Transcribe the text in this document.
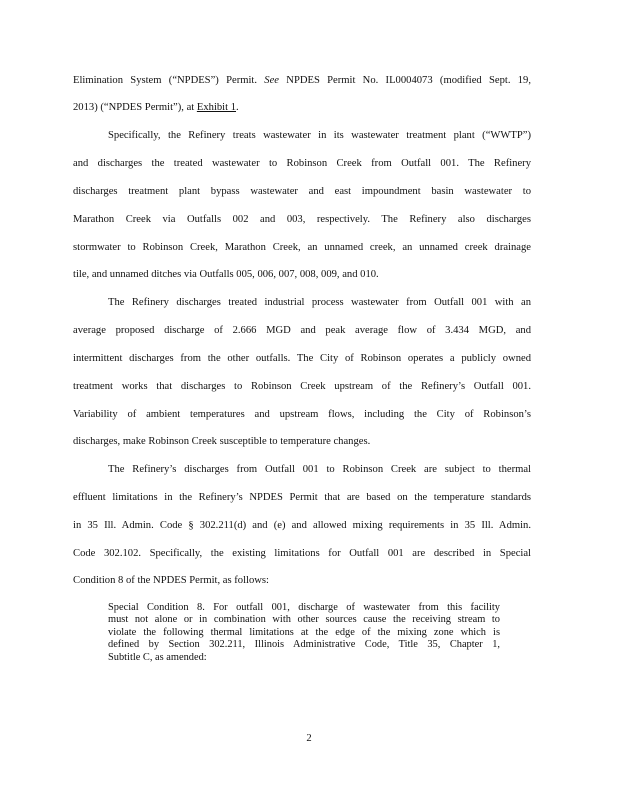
Elimination System (“NPDES”) Permit. See NPDES Permit No. IL0004073 (modified Sept. 19,
2013) (“NPDES Permit”), at Exhibit 1.
Specifically, the Refinery treats wastewater in its wastewater treatment plant (“WWTP”)
and discharges the treated wastewater to Robinson Creek from Outfall 001. The Refinery
discharges treatment plant bypass wastewater and east impoundment basin wastewater to
Marathon Creek via Outfalls 002 and 003, respectively. The Refinery also discharges
stormwater to Robinson Creek, Marathon Creek, an unnamed creek, an unnamed creek drainage
tile, and unnamed ditches via Outfalls 005, 006, 007, 008, 009, and 010.
The Refinery discharges treated industrial process wastewater from Outfall 001 with an
average proposed discharge of 2.666 MGD and peak average flow of 3.434 MGD, and
intermittent discharges from the other outfalls. The City of Robinson operates a publicly owned
treatment works that discharges to Robinson Creek upstream of the Refinery’s Outfall 001.
Variability of ambient temperatures and upstream flows, including the City of Robinson’s
discharges, make Robinson Creek susceptible to temperature changes.
The Refinery’s discharges from Outfall 001 to Robinson Creek are subject to thermal
effluent limitations in the Refinery’s NPDES Permit that are based on the temperature standards
in 35 Ill. Admin. Code § 302.211(d) and (e) and allowed mixing requirements in 35 Ill. Admin.
Code 302.102. Specifically, the existing limitations for Outfall 001 are described in Special
Condition 8 of the NPDES Permit, as follows:
Special Condition 8. For outfall 001, discharge of wastewater from this facility
must not alone or in combination with other sources cause the receiving stream to
violate the following thermal limitations at the edge of the mixing zone which is
defined by Section 302.211, Illinois Administrative Code, Title 35, Chapter 1,
Subtitle C, as amended:
2
